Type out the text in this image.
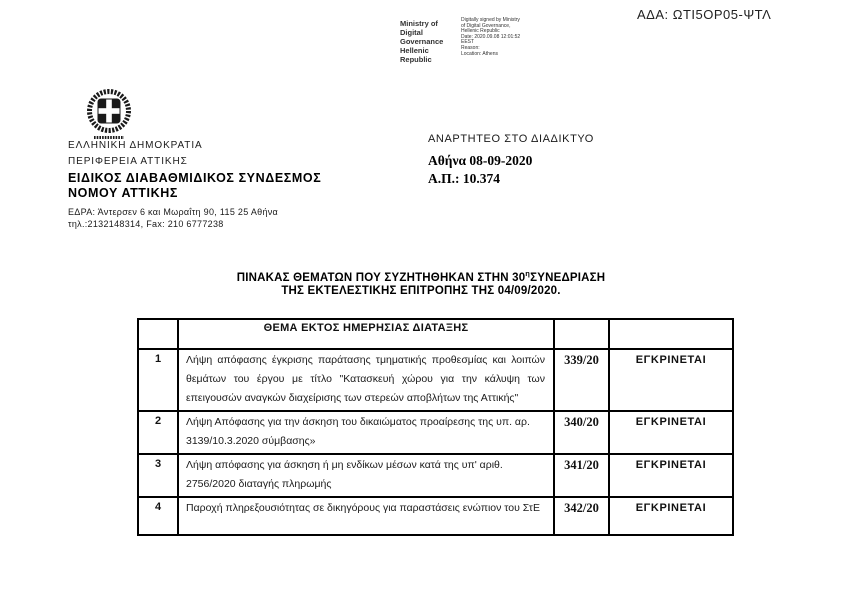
ΑΔΑ: ΩΤΙ5ΟΡ05-ΨΤΛ
Ministry of Digital
Governance
Hellenic Republic
Digitally signed by Ministry
of Digital Governance,
Hellenic Republic
Date: 2020.09.08 12:01:52
EEST
Reason:
Location: Athens
ΕΛΛΗΝΙΚΗ ΔΗΜΟΚΡΑΤΙΑ
ΠΕΡΙΦΕΡΕΙΑ ΑΤΤΙΚΗΣ
ΕΙΔΙΚΟΣ ΔΙΑΒΑΘΜΙΔΙΚΟΣ ΣΥΝΔΕΣΜΟΣ
ΝΟΜΟΥ ΑΤΤΙΚΗΣ
ΕΔΡΑ: Άντερσεν 6 και Μωραΐτη 90, 115 25 Αθήνα
τηλ.:2132148314, Fax: 210 6777238
ΑΝΑΡΤΗΤΕΟ ΣΤΟ ΔΙΑΔΙΚΤΥΟ
Αθήνα 08-09-2020
Α.Π.: 10.374
ΠΙΝΑΚΑΣ ΘΕΜΑΤΩΝ ΠΟΥ ΣΥΖΗΤΗΘΗΚΑΝ ΣΤΗΝ $30^\eta\Sigma\Upsilon NE\Delta PIA\Sigma H$
ΤΗΣ ΕΚΤΕΛΕΣΤΙΚΗΣ ΕΠΙΤΡΟΠΗΣ ΤΗΣ 04/09/2020.
	ΘΕΜΑ ΕΚΤΟΣ ΗΜΕΡΗΣΙΑΣ ΔΙΑΤΑΞΗΣ		
1	Λήψη απόφασης έγκρισης παράτασης τμηματικής προθεσμίας και λοιπών θεμάτων του έργου με τίτλο "Κατασκευή χώρου για την κάλυψη των επειγουσών αναγκών διαχείρισης των στερεών αποβλήτων της Αττικής"	339/20	ΕΓΚΡΙΝΕΤΑΙ
2	Λήψη Απόφασης για την άσκηση του δικαιώματος προαίρεσης της υπ. αρ. 3139/10.3.2020 σύμβασης»	340/20	ΕΓΚΡΙΝΕΤΑΙ
3	Λήψη απόφασης για άσκηση ή μη ενδίκων μέσων κατά της υπ' αριθ. 2756/2020 διαταγής πληρωμής	341/20	ΕΓΚΡΙΝΕΤΑΙ
4	Παροχή πληρεξουσιότητας σε δικηγόρους για παραστάσεις ενώπιον του ΣτΕ	342/20	ΕΓΚΡΙΝΕΤΑΙ
